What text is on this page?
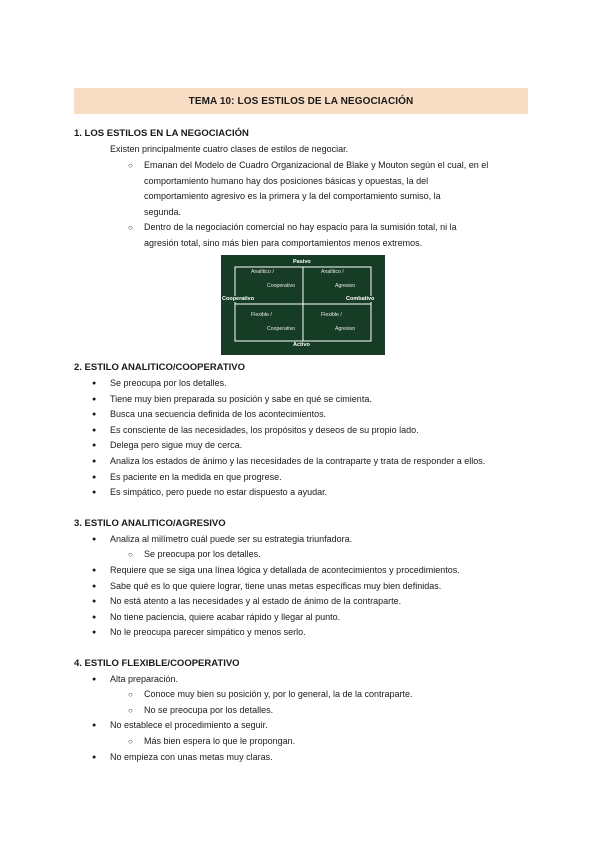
TEMA 10: LOS ESTILOS DE LA NEGOCIACIÓN

1. LOS ESTILOS EN LA NEGOCIACIÓN

Existen principalmente cuatro clases de estilos de negociar.

○ Emanan del Modelo de Cuadro Organizacional de Blake y Mouton según el cual, en el
comportamiento humano hay dos posiciones básicas y opuestas, la del
comportamiento agresivo es la primera y la del comportamiento sumiso, la
segunda.
○ Dentro de la negociación comercial no hay espacio para la sumisión total, ni la
agresión total, sino más bien para comportamientos menos extremos.
Pasivo
Activo
Cooperativo	Combativo
Analítico /
Cooperativo
Analítico /
Agresivo
Flexible /
Cooperativo
Flexible /
Agresivo

2. ESTILO ANALITICO/COOPERATIVO

● Se preocupa por los detalles.
● Tiene muy bien preparada su posición y sabe en qué se cimienta.
● Busca una secuencia definida de los acontecimientos.
● Es consciente de las necesidades, los propósitos y deseos de su propio lado.
● Delega pero sigue muy de cerca.
● Analiza los estados de ánimo y las necesidades de la contraparte y trata de responder a ellos.
● Es paciente en la medida en que progrese.
● Es simpático, pero puede no estar dispuesto a ayudar.

3. ESTILO ANALITICO/AGRESIVO

● Analiza al milímetro cuál puede ser su estrategia triunfadora.
○ Se preocupa por los detalles.
● Requiere que se siga una línea lógica y detallada de acontecimientos y procedimientos.
● Sabe qué es lo que quiere lograr, tiene unas metas específicas muy bien definidas.
● No está atento a las necesidades y al estado de ánimo de la contraparte.
● No tiene paciencia, quiere acabar rápido y llegar al punto.
● No le preocupa parecer simpático y menos serlo.

4. ESTILO FLEXIBLE/COOPERATIVO

● Alta preparación.
○ Conoce muy bien su posición y, por lo general, la de la contraparte.
○ No se preocupa por los detalles.
● No establece el procedimiento a seguir.
○ Más bien espera lo que le propongan.
● No empieza con unas metas muy claras.
